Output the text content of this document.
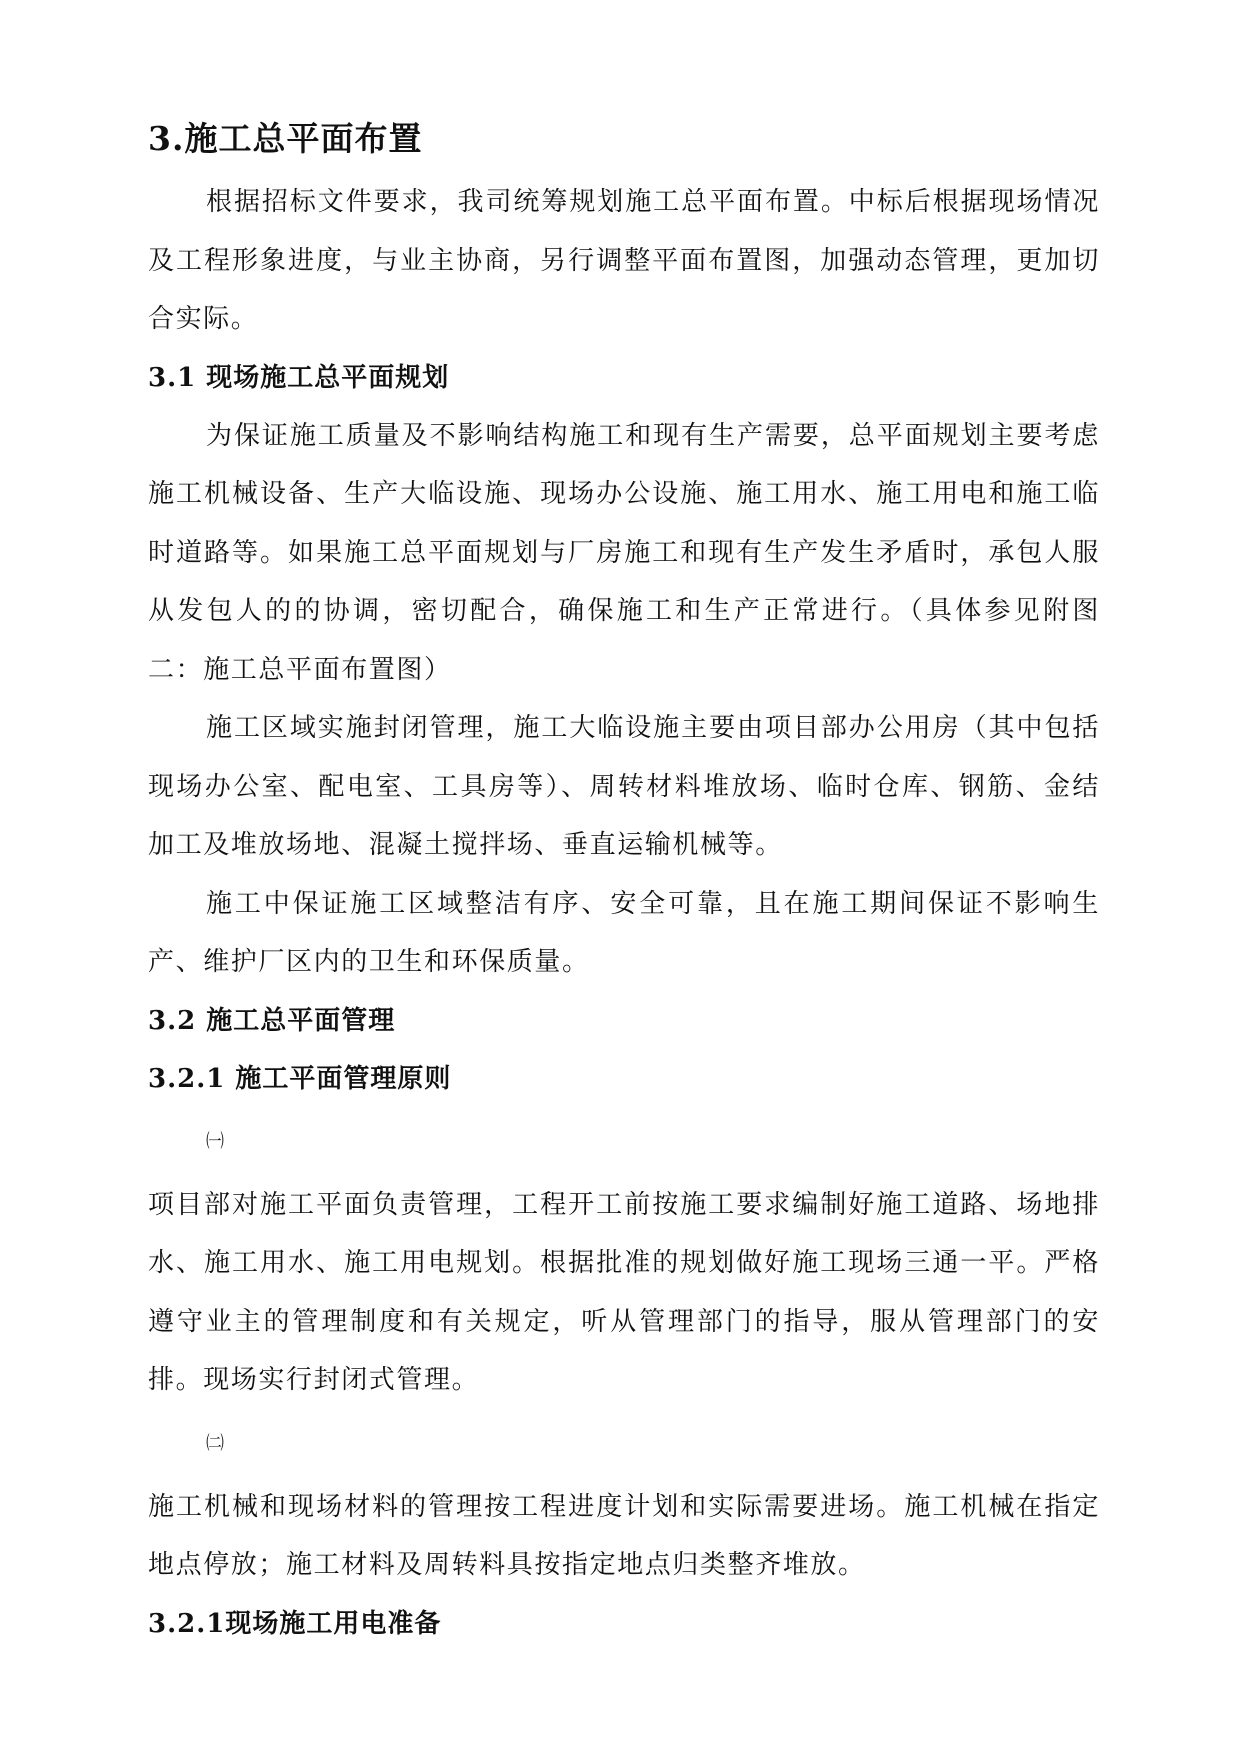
3.施工总平面布置

根据招标文件要求，我司统筹规划施工总平面布置。中标后根据现场情况及工程形象进度，与业主协商，另行调整平面布置图，加强动态管理，更加切合实际。

3.1 现场施工总平面规划

为保证施工质量及不影响结构施工和现有生产需要，总平面规划主要考虑施工机械设备、生产大临设施、现场办公设施、施工用水、施工用电和施工临时道路等。如果施工总平面规划与厂房施工和现有生产发生矛盾时，承包人服从发包人的的协调，密切配合，确保施工和生产正常进行。（具体参见附图二：施工总平面布置图）

施工区域实施封闭管理，施工大临设施主要由项目部办公用房（其中包括现场办公室、配电室、工具房等）、周转材料堆放场、临时仓库、钢筋、金结加工及堆放场地、混凝土搅拌场、垂直运输机械等。

施工中保证施工区域整洁有序、安全可靠，且在施工期间保证不影响生产、维护厂区内的卫生和环保质量。

3.2 施工总平面管理
3.2.1 施工平面管理原则
㈠

项目部对施工平面负责管理，工程开工前按施工要求编制好施工道路、场地排水、施工用水、施工用电规划。根据批准的规划做好施工现场三通一平。严格遵守业主的管理制度和有关规定，听从管理部门的指导，服从管理部门的安排。现场实行封闭式管理。

㈡

施工机械和现场材料的管理按工程进度计划和实际需要进场。施工机械在指定地点停放；施工材料及周转料具按指定地点归类整齐堆放。

3.2.1现场施工用电准备
